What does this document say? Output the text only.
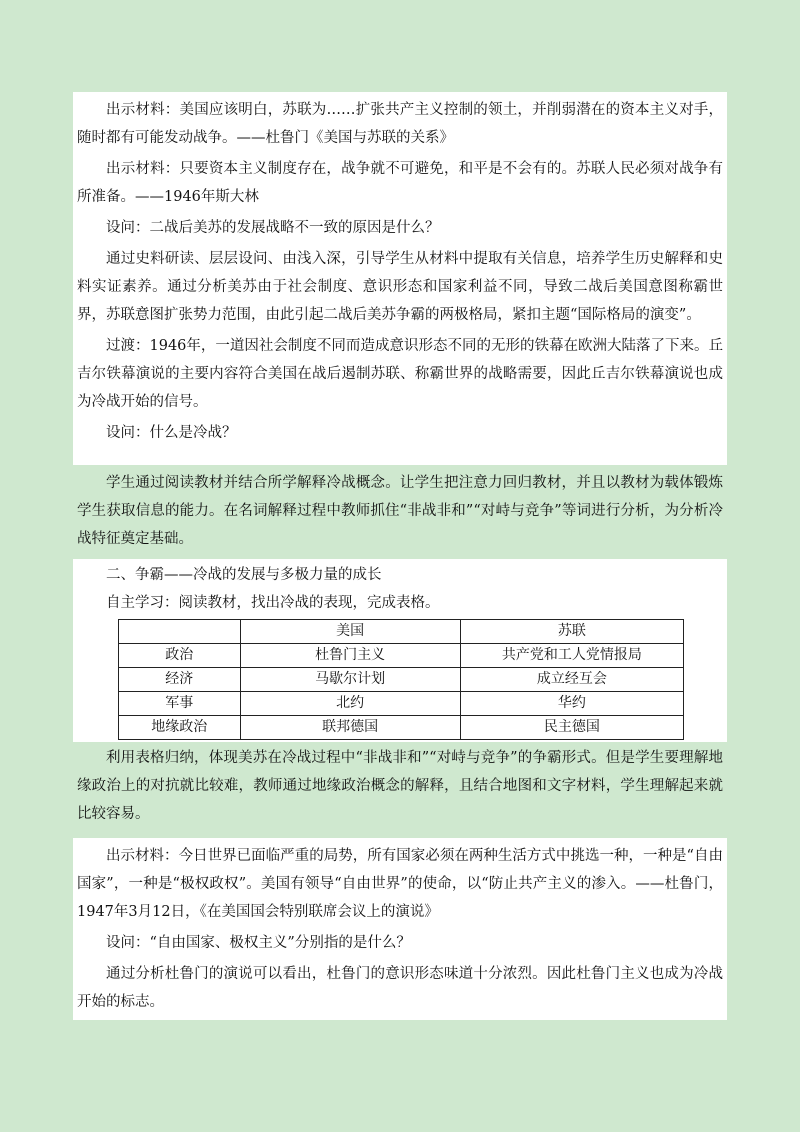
出示材料：美国应该明白，苏联为……扩张共产主义控制的领土，并削弱潜在的资本主义对手，随时都有可能发动战争。——杜鲁门《美国与苏联的关系》

出示材料：只要资本主义制度存在，战争就不可避免，和平是不会有的。苏联人民必须对战争有所准备。——1946年斯大林

设问：二战后美苏的发展战略不一致的原因是什么？

通过史料研读、层层设问、由浅入深，引导学生从材料中提取有关信息，培养学生历史解释和史料实证素养。通过分析美苏由于社会制度、意识形态和国家利益不同，导致二战后美国意图称霸世界，苏联意图扩张势力范围，由此引起二战后美苏争霸的两极格局，紧扣主题“国际格局的演变”。

过渡：1946年，一道因社会制度不同而造成意识形态不同的无形的铁幕在欧洲大陆落了下来。丘吉尔铁幕演说的主要内容符合美国在战后遏制苏联、称霸世界的战略需要，因此丘吉尔铁幕演说也成为冷战开始的信号。

设问：什么是冷战？

学生通过阅读教材并结合所学解释冷战概念。让学生把注意力回归教材，并且以教材为载体锻炼学生获取信息的能力。在名词解释过程中教师抓住“非战非和”“对峙与竞争”等词进行分析，为分析冷战特征奠定基础。

二、争霸——冷战的发展与多极力量的成长

自主学习：阅读教材，找出冷战的表现，完成表格。

	美国	苏联
政治	杜鲁门主义	共产党和工人党情报局
经济	马歇尔计划	成立经互会
军事	北约	华约
地缘政治	联邦德国	民主德国

利用表格归纳，体现美苏在冷战过程中“非战非和”“对峙与竞争”的争霸形式。但是学生要理解地缘政治上的对抗就比较难，教师通过地缘政治概念的解释，且结合地图和文字材料，学生理解起来就比较容易。

出示材料：今日世界已面临严重的局势，所有国家必须在两种生活方式中挑选一种，一种是“自由国家”，一种是“极权政权”。美国有领导“自由世界”的使命，以“防止共产主义的渗入。——杜鲁门，1947年3月12日，《在美国国会特别联席会议上的演说》

设问：“自由国家、极权主义”分别指的是什么？

通过分析杜鲁门的演说可以看出，杜鲁门的意识形态味道十分浓烈。因此杜鲁门主义也成为冷战开始的标志。
